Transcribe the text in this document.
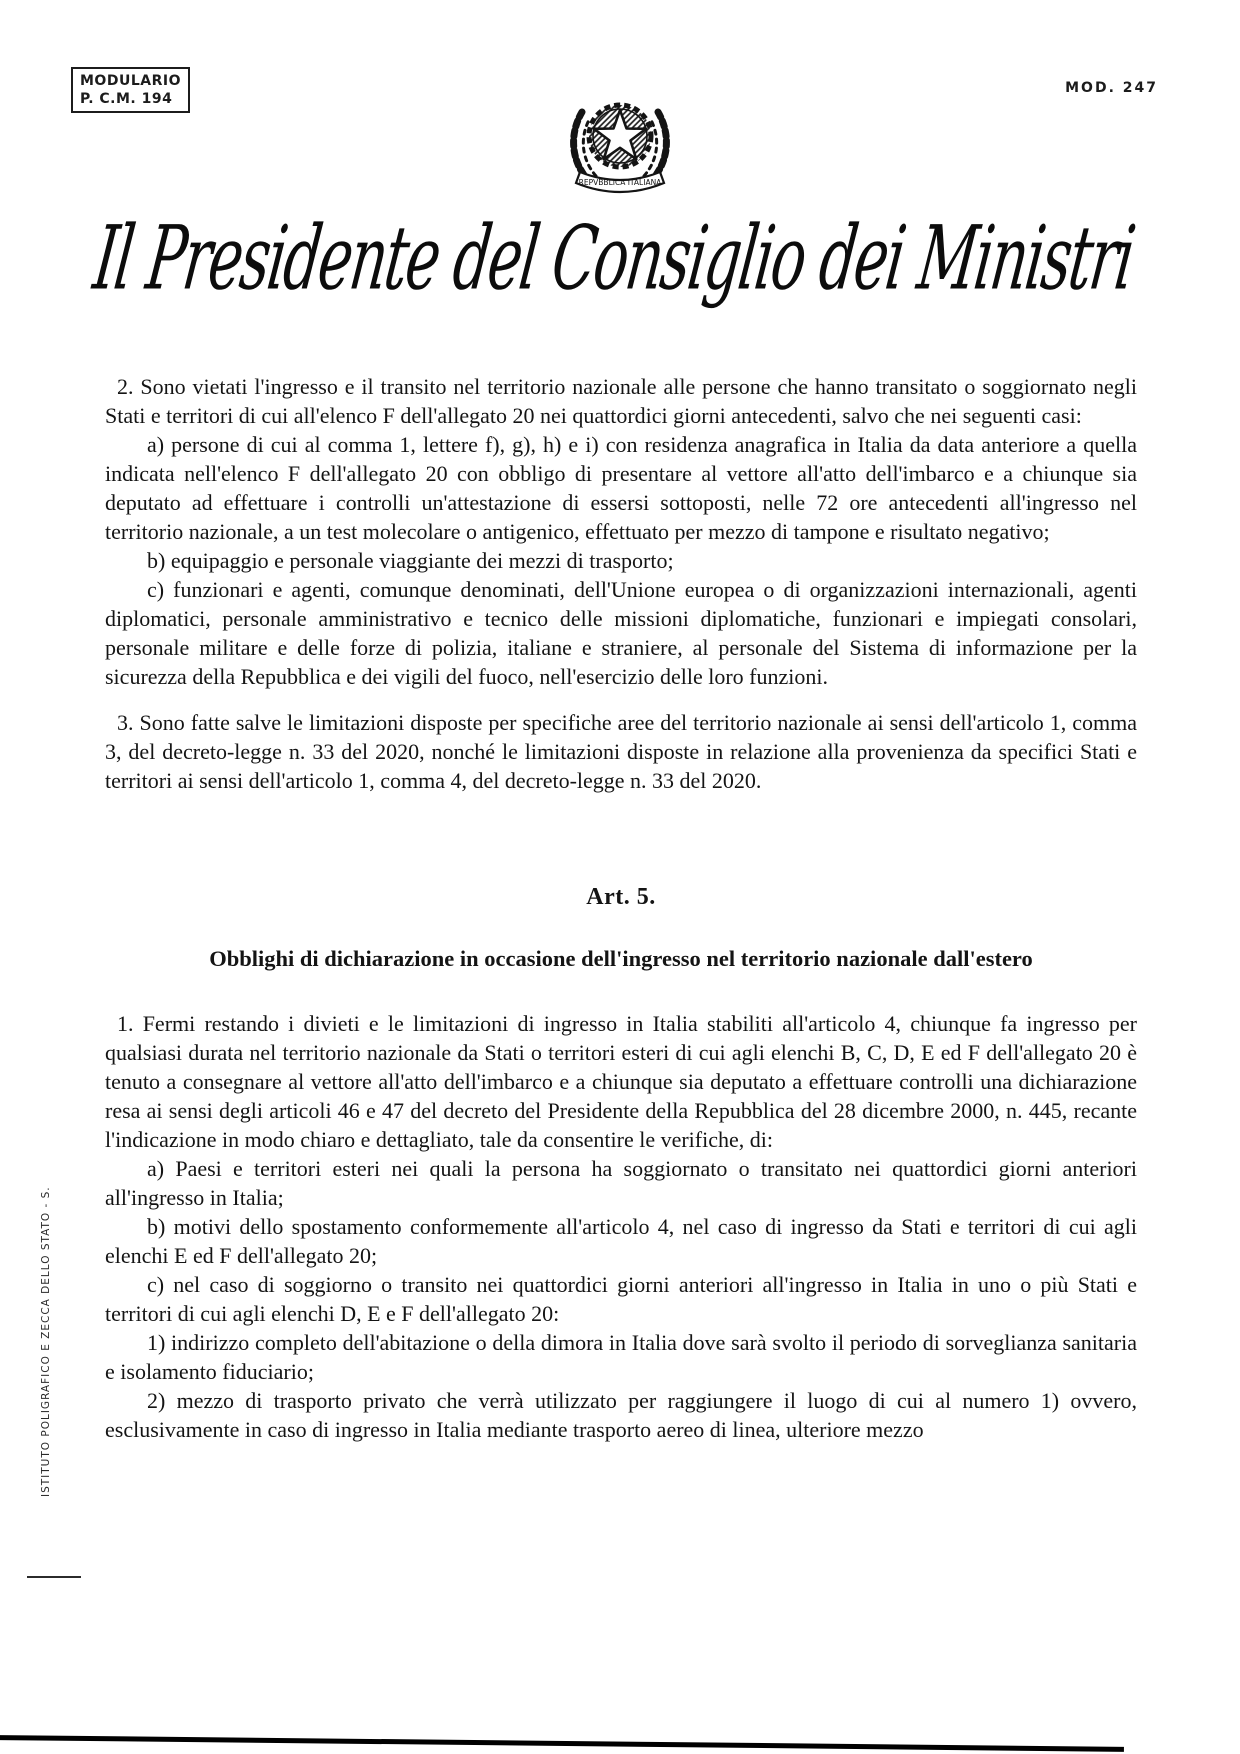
MODULARIO
P. C.M. 194
MOD. 247
REPVBBLICA ITALIANA
Il Presidente del Consiglio dei Ministri

2. Sono vietati l'ingresso e il transito nel territorio nazionale alle persone che hanno transitato o soggiornato negli Stati e territori di cui all'elenco F dell'allegato 20 nei quattordici giorni antecedenti, salvo che nei seguenti casi:

a) persone di cui al comma 1, lettere f), g), h) e i) con residenza anagrafica in Italia da data anteriore a quella indicata nell'elenco F dell'allegato 20 con obbligo di presentare al vettore all'atto dell'imbarco e a chiunque sia deputato ad effettuare i controlli un'attestazione di essersi sottoposti, nelle 72 ore antecedenti all'ingresso nel territorio nazionale, a un test molecolare o antigenico, effettuato per mezzo di tampone e risultato negativo;

b) equipaggio e personale viaggiante dei mezzi di trasporto;

c) funzionari e agenti, comunque denominati, dell'Unione europea o di organizzazioni internazionali, agenti diplomatici, personale amministrativo e tecnico delle missioni diplomatiche, funzionari e impiegati consolari, personale militare e delle forze di polizia, italiane e straniere, al personale del Sistema di informazione per la sicurezza della Repubblica e dei vigili del fuoco, nell'esercizio delle loro funzioni.

3. Sono fatte salve le limitazioni disposte per specifiche aree del territorio nazionale ai sensi dell'articolo 1, comma 3, del decreto-legge n. 33 del 2020, nonché le limitazioni disposte in relazione alla provenienza da specifici Stati e territori ai sensi dell'articolo 1, comma 4, del decreto-legge n. 33 del 2020.

Art. 5.

Obblighi di dichiarazione in occasione dell'ingresso nel territorio nazionale dall'estero

1. Fermi restando i divieti e le limitazioni di ingresso in Italia stabiliti all'articolo 4, chiunque fa ingresso per qualsiasi durata nel territorio nazionale da Stati o territori esteri di cui agli elenchi B, C, D, E ed F dell'allegato 20 è tenuto a consegnare al vettore all'atto dell'imbarco e a chiunque sia deputato a effettuare controlli una dichiarazione resa ai sensi degli articoli 46 e 47 del decreto del Presidente della Repubblica del 28 dicembre 2000, n. 445, recante l'indicazione in modo chiaro e dettagliato, tale da consentire le verifiche, di:

a) Paesi e territori esteri nei quali la persona ha soggiornato o transitato nei quattordici giorni anteriori all'ingresso in Italia;

b) motivi dello spostamento conformemente all'articolo 4, nel caso di ingresso da Stati e territori di cui agli elenchi E ed F dell'allegato 20;

c) nel caso di soggiorno o transito nei quattordici giorni anteriori all'ingresso in Italia in uno o più Stati e territori di cui agli elenchi D, E e F dell'allegato 20:

1) indirizzo completo dell'abitazione o della dimora in Italia dove sarà svolto il periodo di sorveglianza sanitaria e isolamento fiduciario;

2) mezzo di trasporto privato che verrà utilizzato per raggiungere il luogo di cui al numero 1) ovvero, esclusivamente in caso di ingresso in Italia mediante trasporto aereo di linea, ulteriore mezzo

ISTITUTO POLIGRAFICO E ZECCA DELLO STATO - S.
